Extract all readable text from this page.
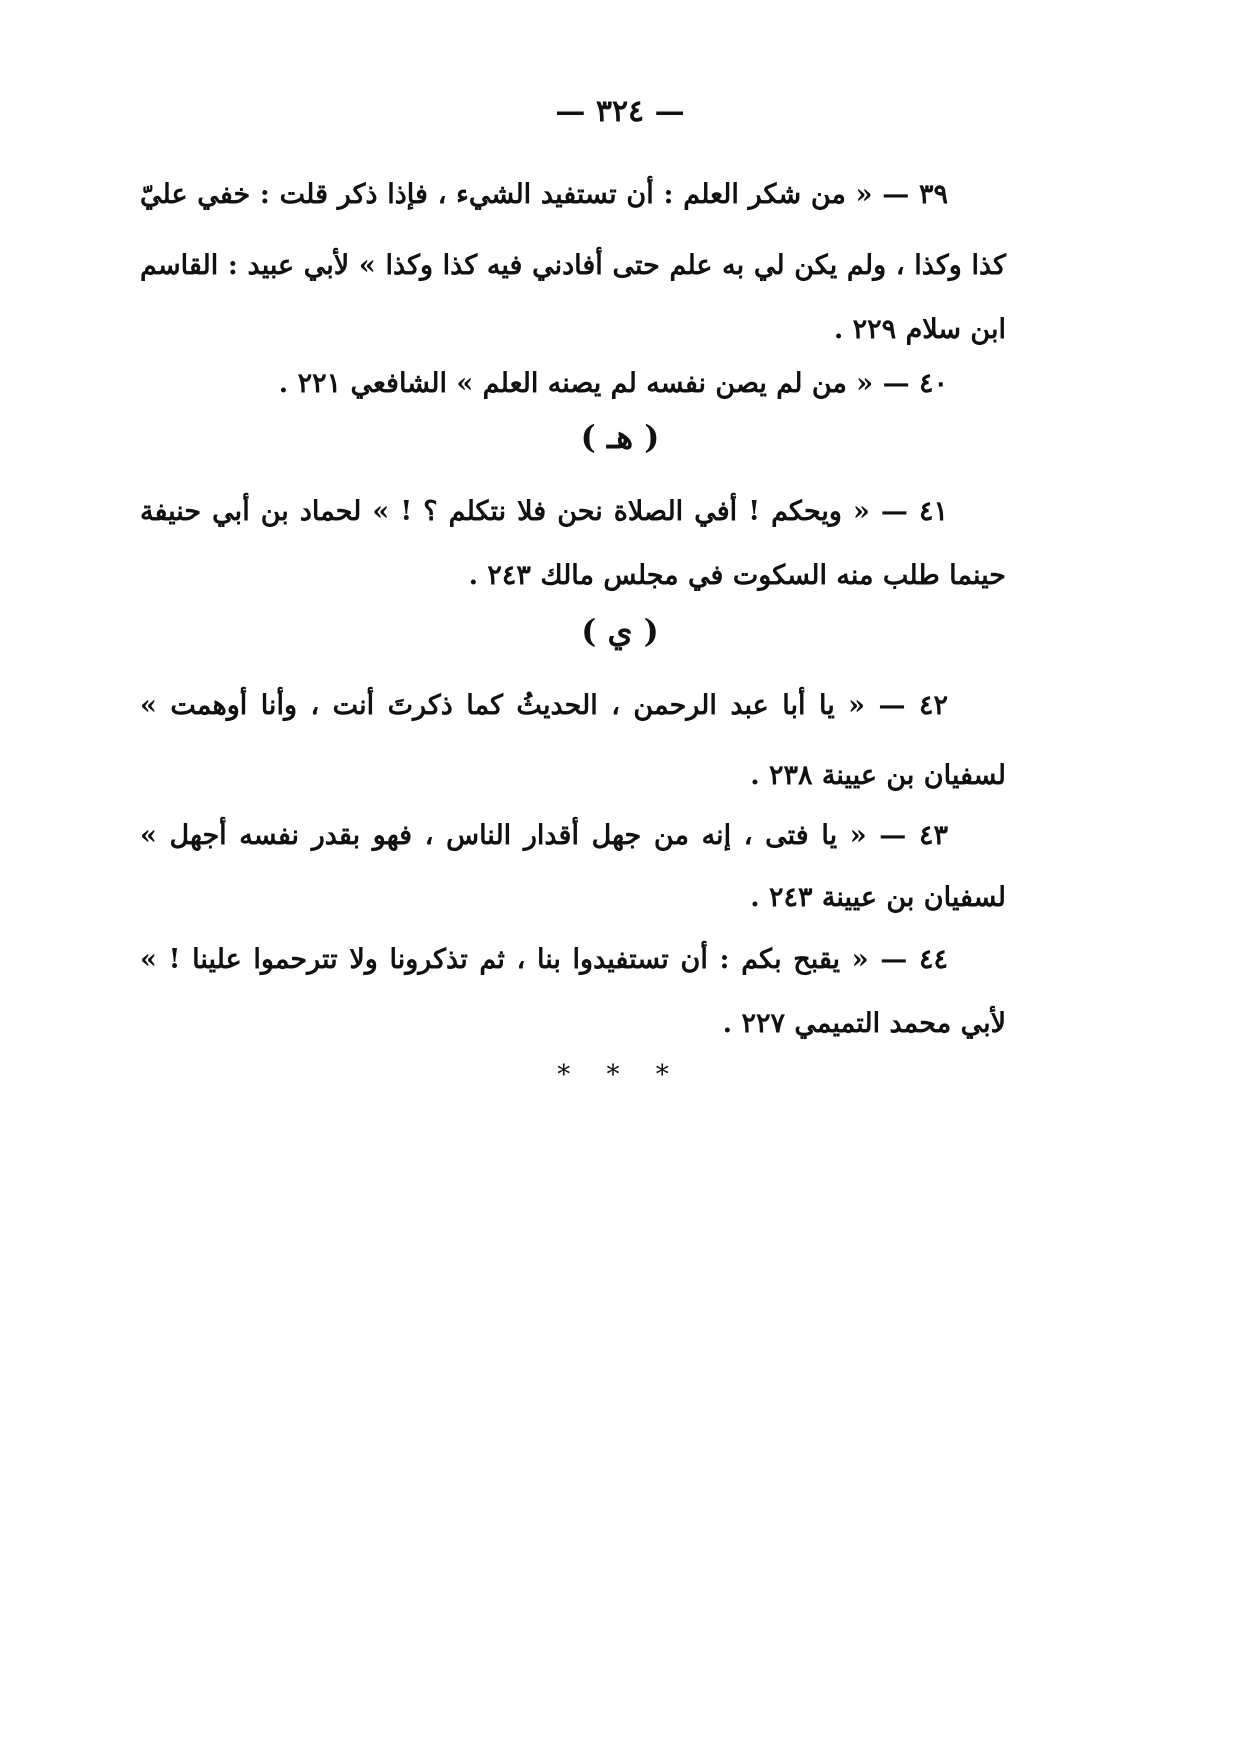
— ٣٢٤ —
٣٩ — « من شكر العلم : أن تستفيد الشيء ، فإذا ذكر قلت : خفي عليّ
كذا وكذا ، ولم يكن لي به علم حتى أفادني فيه كذا وكذا » لأبي عبيد : القاسم
ابن سلام ٢٢٩ .
٤٠ — « من لم يصن نفسه لم يصنه العلم » الشافعي ٢٢١ .
( هـ )
٤١ — « ويحكم ! أفي الصلاة نحن فلا نتكلم ؟ ! » لحماد بن أبي حنيفة
حينما طلب منه السكوت في مجلس مالك ٢٤٣ .
( ي )
٤٢ — « يا أبا عبد الرحمن ، الحديثُ كما ذكرتَ أنت ، وأنا أوهمت »
لسفيان بن عيينة ٢٣٨ .
٤٣ — « يا فتى ، إنه من جهل أقدار الناس ، فهو بقدر نفسه أجهل »
لسفيان بن عيينة ٢٤٣ .
٤٤ — « يقبح بكم : أن تستفيدوا بنا ، ثم تذكرونا ولا تترحموا علينا ! »
لأبي محمد التميمي ٢٢٧ .
* * *
